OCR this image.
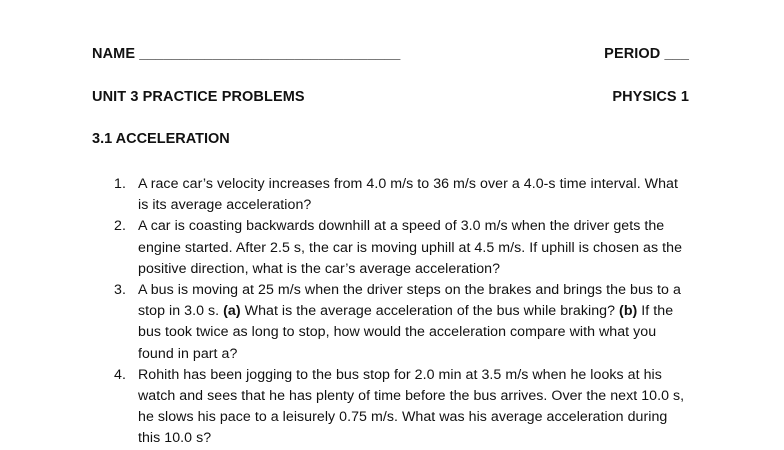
NAME ________________________________	PERIOD ___
UNIT 3 PRACTICE PROBLEMS	PHYSICS 1
3.1 ACCELERATION
1. A race car’s velocity increases from 4.0 m/s to 36 m/s over a 4.0-s time interval. What is its average acceleration?
2. A car is coasting backwards downhill at a speed of 3.0 m/s when the driver gets the engine started. After 2.5 s, the car is moving uphill at 4.5 m/s. If uphill is chosen as the positive direction, what is the car’s average acceleration?
3. A bus is moving at 25 m/s when the driver steps on the brakes and brings the bus to a stop in 3.0 s. (a) What is the average acceleration of the bus while braking? (b) If the bus took twice as long to stop, how would the acceleration compare with what you found in part a?
4. Rohith has been jogging to the bus stop for 2.0 min at 3.5 m/s when he looks at his watch and sees that he has plenty of time before the bus arrives. Over the next 10.0 s, he slows his pace to a leisurely 0.75 m/s. What was his average acceleration during this 10.0 s?
